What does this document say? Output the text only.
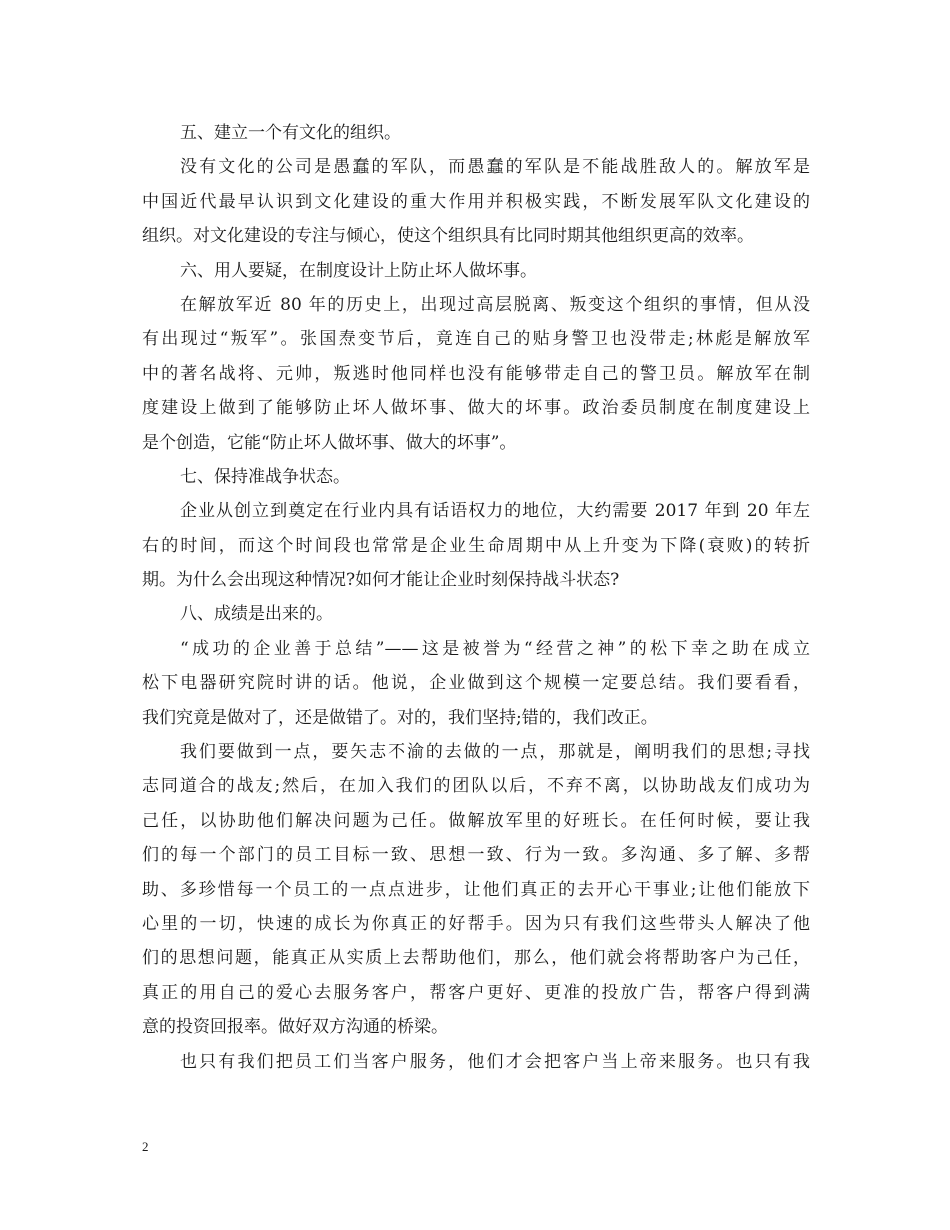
五、建立一个有文化的组织。
没有文化的公司是愚蠢的军队，而愚蠢的军队是不能战胜敌人的。解放军是
中国近代最早认识到文化建设的重大作用并积极实践，不断发展军队文化建设的
组织。对文化建设的专注与倾心，使这个组织具有比同时期其他组织更高的效率。
六、用人要疑，在制度设计上防止坏人做坏事。
在解放军近 80 年的历史上，出现过高层脱离、叛变这个组织的事情，但从没
有出现过“叛军”。张国焘变节后，竟连自己的贴身警卫也没带走;林彪是解放军
中的著名战将、元帅，叛逃时他同样也没有能够带走自己的警卫员。解放军在制
度建设上做到了能够防止坏人做坏事、做大的坏事。政治委员制度在制度建设上
是个创造，它能“防止坏人做坏事、做大的坏事”。
七、保持准战争状态。
企业从创立到奠定在行业内具有话语权力的地位，大约需要 2017 年到 20 年左
右的时间，而这个时间段也常常是企业生命周期中从上升变为下降(衰败)的转折
期。为什么会出现这种情况?如何才能让企业时刻保持战斗状态?
八、成绩是出来的。
“成功的企业善于总结”——这是被誉为“经营之神”的松下幸之助在成立
松下电器研究院时讲的话。他说，企业做到这个规模一定要总结。我们要看看，
我们究竟是做对了，还是做错了。对的，我们坚持;错的，我们改正。
我们要做到一点，要矢志不渝的去做的一点，那就是，阐明我们的思想;寻找
志同道合的战友;然后，在加入我们的团队以后，不弃不离，以协助战友们成功为
己任，以协助他们解决问题为己任。做解放军里的好班长。在任何时候，要让我
们的每一个部门的员工目标一致、思想一致、行为一致。多沟通、多了解、多帮
助、多珍惜每一个员工的一点点进步，让他们真正的去开心干事业;让他们能放下
心里的一切，快速的成长为你真正的好帮手。因为只有我们这些带头人解决了他
们的思想问题，能真正从实质上去帮助他们，那么，他们就会将帮助客户为己任，
真正的用自己的爱心去服务客户，帮客户更好、更准的投放广告，帮客户得到满
意的投资回报率。做好双方沟通的桥梁。
也只有我们把员工们当客户服务，他们才会把客户当上帝来服务。也只有我
2
